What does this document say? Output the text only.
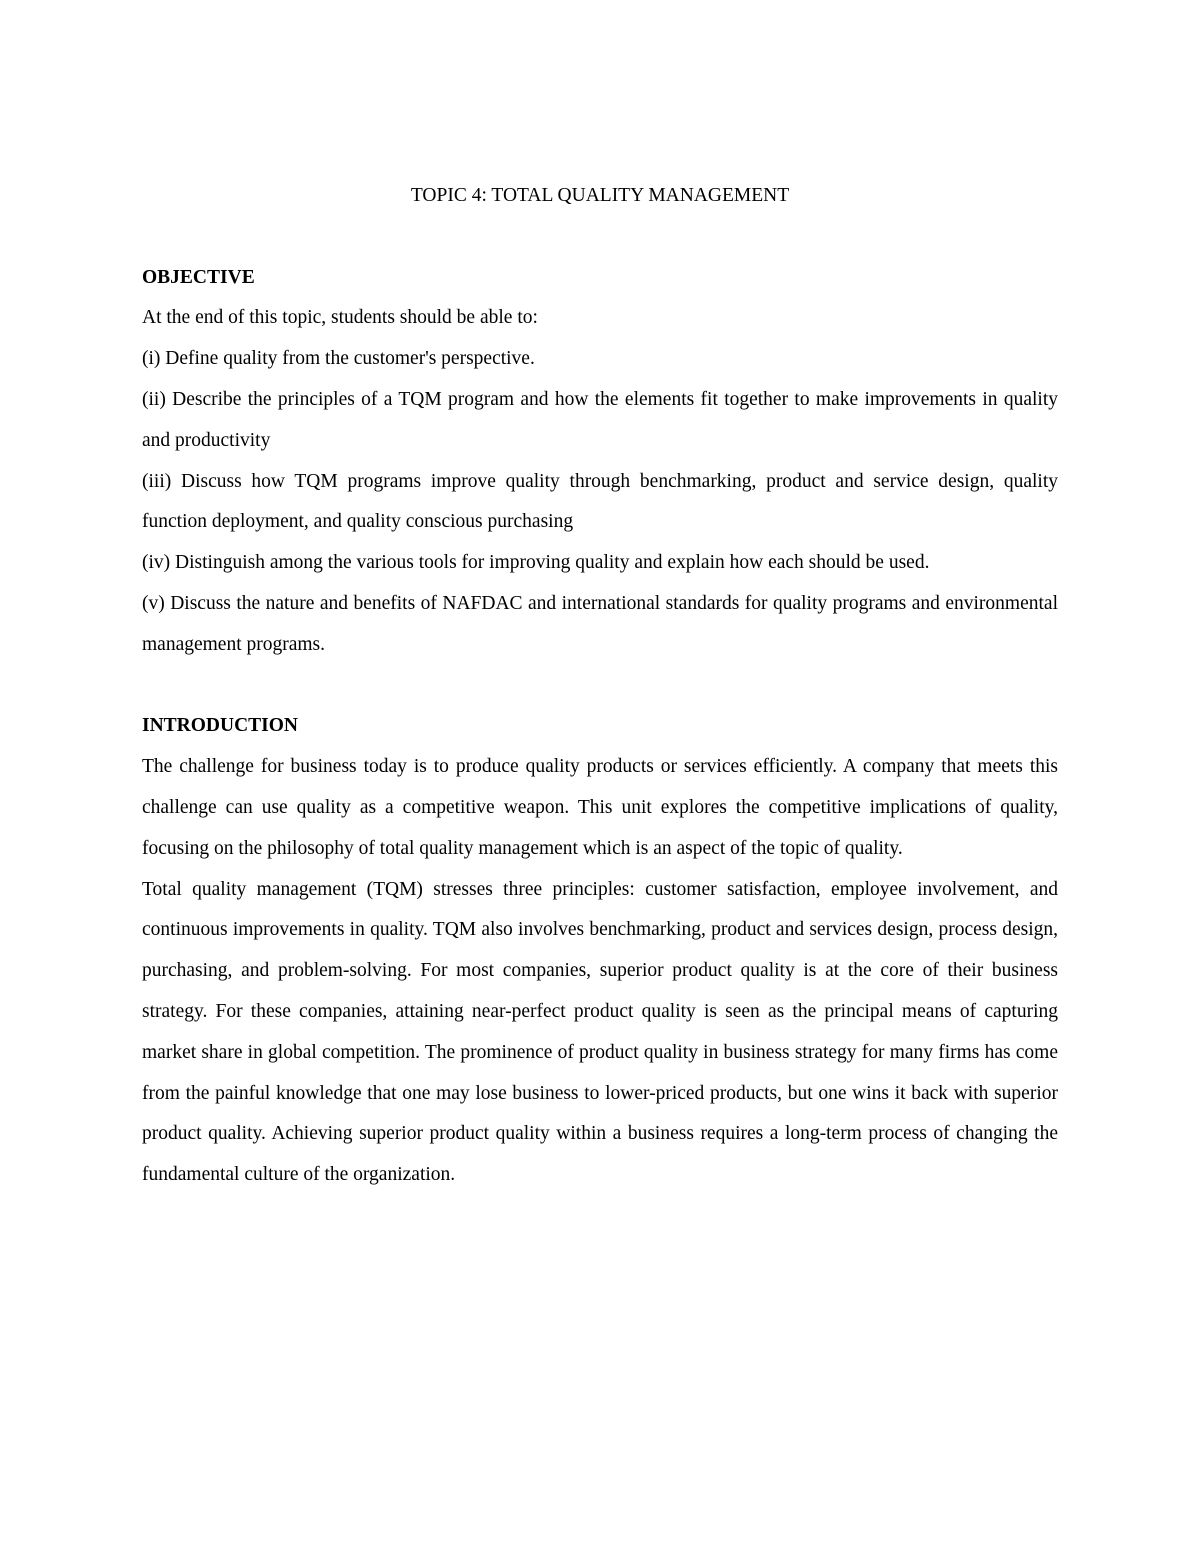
TOPIC 4: TOTAL QUALITY MANAGEMENT
OBJECTIVE

At the end of this topic, students should be able to:

(i) Define quality from the customer's perspective.
(ii) Describe the principles of a TQM program and how the elements fit together to make improvements in quality and productivity
(iii) Discuss how TQM programs improve quality through benchmarking, product and service design, quality function deployment, and quality conscious purchasing
(iv) Distinguish among the various tools for improving quality and explain how each should be used.
(v) Discuss the nature and benefits of NAFDAC and international standards for quality programs and environmental management programs.
INTRODUCTION

The challenge for business today is to produce quality products or services efficiently. A company that meets this challenge can use quality as a competitive weapon. This unit explores the competitive implications of quality, focusing on the philosophy of total quality management which is an aspect of the topic of quality.

Total quality management (TQM) stresses three principles: customer satisfaction, employee involvement, and continuous improvements in quality. TQM also involves benchmarking, product and services design, process design, purchasing, and problem-solving. For most companies, superior product quality is at the core of their business strategy. For these companies, attaining near-perfect product quality is seen as the principal means of capturing market share in global competition. The prominence of product quality in business strategy for many firms has come from the painful knowledge that one may lose business to lower-priced products, but one wins it back with superior product quality. Achieving superior product quality within a business requires a long-term process of changing the fundamental culture of the organization.
